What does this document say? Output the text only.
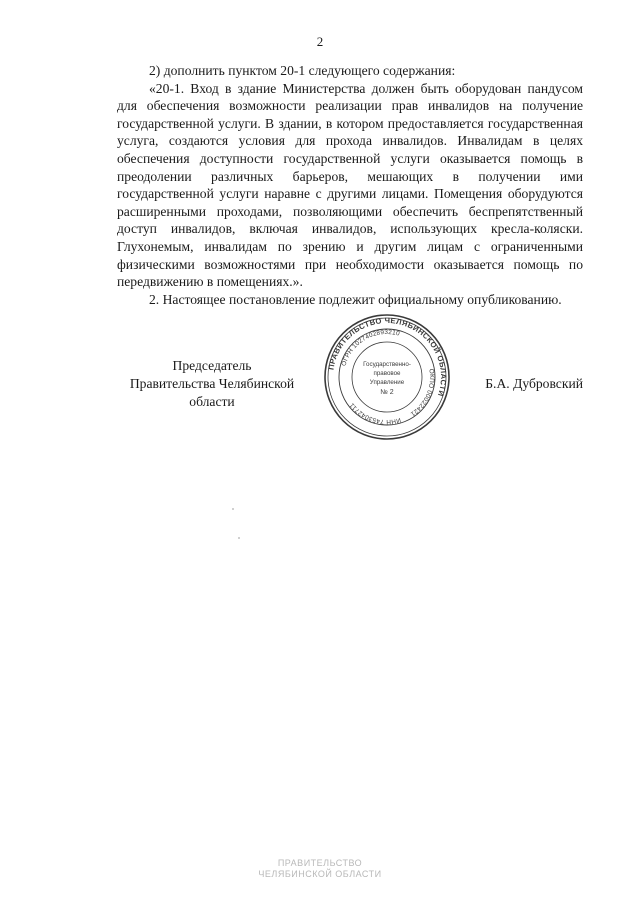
2

2) дополнить пунктом 20-1 следующего содержания:

«20-1. Вход в здание Министерства должен быть оборудован пандусом для обеспечения возможности реализации прав инвалидов на получение государственной услуги. В здании, в котором предоставляется государственная услуга, создаются условия для прохода инвалидов. Инвалидам в целях обеспечения доступности государственной услуги оказывается помощь в преодолении различных барьеров, мешающих в получении ими государственной услуги наравне с другими лицами. Помещения оборудуются расширенными проходами, позволяющими обеспечить беспрепятственный доступ инвалидов, включая инвалидов, использующих кресла-коляски. Глухонемым, инвалидам по зрению и другим лицам с ограниченными физическими возможностями при необходимости оказывается помощь по передвижению в помещениях.».

2. Настоящее постановление подлежит официальному опубликованию.

Председатель
Правительства Челябинской области
Б.А. Дубровский
ПРАВИТЕЛЬСТВО ЧЕЛЯБИНСКОЙ ОБЛАСТИ
ОГРН 1027402893210
ОКПО 00022421
ИНН 7453042711
Государственно-
правовое
Управление
№ 2
ПРАВИТЕЛЬСТВО
ЧЕЛЯБИНСКОЙ ОБЛАСТИ
